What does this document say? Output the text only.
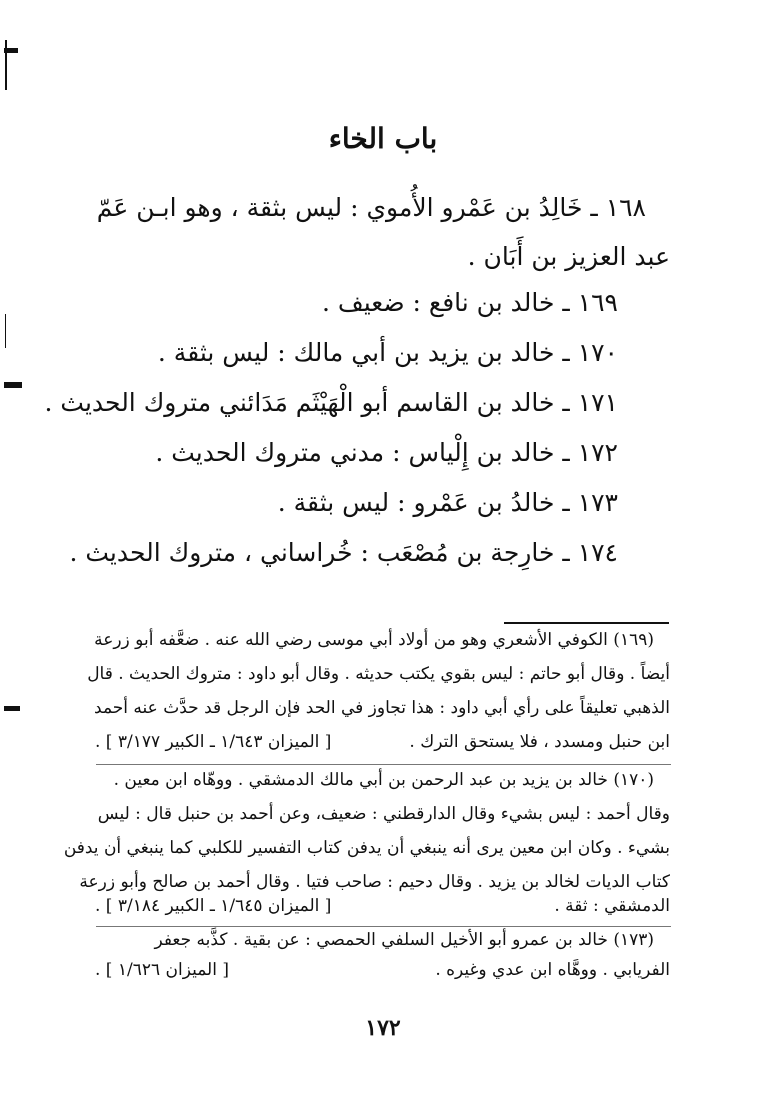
باب الخاء
١٦٨ـ خَالِدُ بن عَمْرو الأُموي : ليس بثقة ، وهو ابـن عَمّ
عبد العزيز بن أَبَان .
١٦٩ـ خالد بن نافع : ضعيف .
١٧٠ـ خالد بن يزيد بن أبي مالك : ليس بثقة .
١٧١ـ خالد بن القاسم أبو الْهَيْثَم مَدَائني متروك الحديث .
١٧٢ـ خالد بن إِلْياس : مدني متروك الحديث .
١٧٣ـ خالدُ بن عَمْرو : ليس بثقة .
١٧٤ـ خارِجة بن مُصْعَب : خُراساني ، متروك الحديث .
(١٦٩) الكوفي الأشعري وهو من أولاد أبي موسى رضي الله عنه . ضعَّفه أبو زرعة
أيضاً . وقال أبو حاتم : ليس بقوي يكتب حديثه . وقال أبو داود : متروك الحديث . قال
الذهبي تعليقاً على رأي أبي داود : هذا تجاوز في الحد فإن الرجل قد حدَّث عنه أحمد
ابن حنبل ومسدد ، فلا يستحق الترك .
[ الميزان ١/٦٤٣ ـ الكبير ٣/١٧٧ ] .
(١٧٠) خالد بن يزيد بن عبد الرحمن بن أبي مالك الدمشقي . ووهّاه ابن معين .
وقال أحمد : ليس بشيء وقال الدارقطني : ضعيف، وعن أحمد بن حنبل قال : ليس
بشيء . وكان ابن معين يرى أنه ينبغي أن يدفن كتاب التفسير للكلبي كما ينبغي أن يدفن
كتاب الديات لخالد بن يزيد . وقال دحيم : صاحب فتيا . وقال أحمد بن صالح وأبو زرعة
الدمشقي : ثقة .
[ الميزان ١/٦٤٥ ـ الكبير ٣/١٨٤ ] .
(١٧٣) خالد بن عمرو أبو الأخيل السلفي الحمصي : عن بقية . كذَّبه جعفر
الفريابي . ووهَّاه ابن عدي وغيره .
[ الميزان ١/٦٢٦ ] .
١٧٢
